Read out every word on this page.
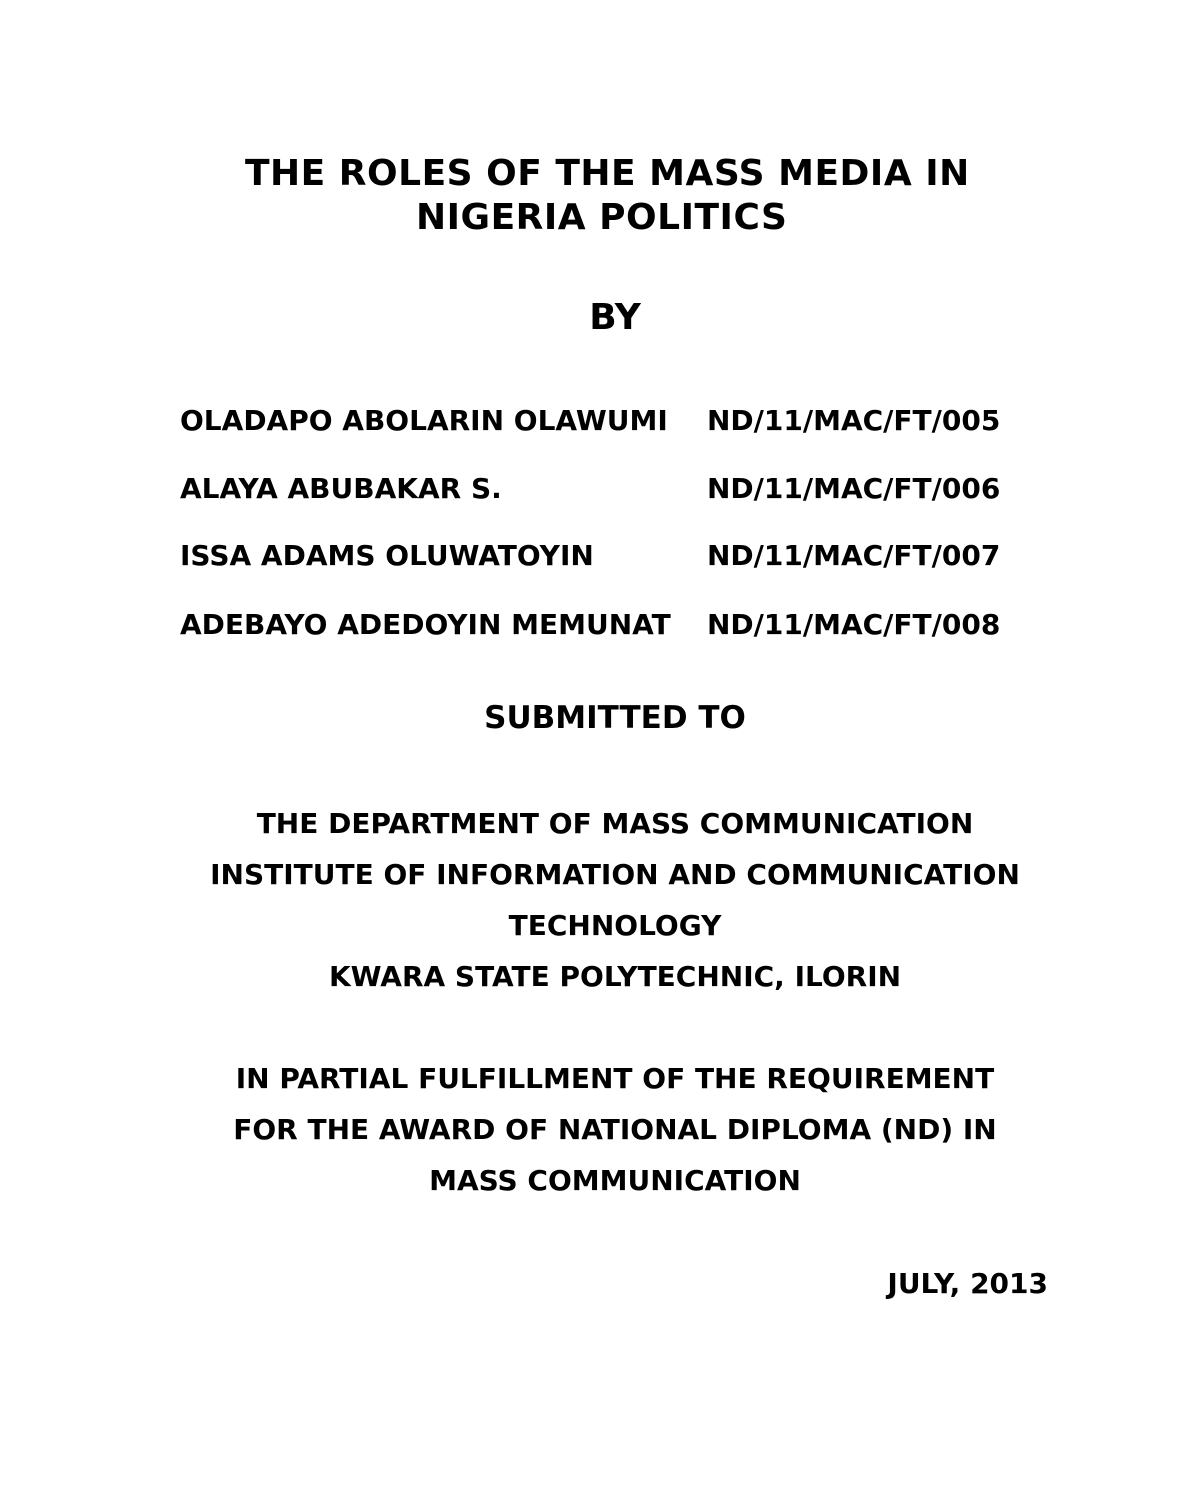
THE ROLES OF THE MASS MEDIA IN
NIGERIA POLITICS
BY
OLADAPO ABOLARIN OLAWUMI ND/11/MAC/FT/005
ALAYA ABUBAKAR S.	ND/11/MAC/FT/006
ISSA ADAMS OLUWATOYIN	ND/11/MAC/FT/007
ADEBAYO ADEDOYIN MEMUNAT ND/11/MAC/FT/008
SUBMITTED TO
THE DEPARTMENT OF MASS COMMUNICATION
INSTITUTE OF INFORMATION AND COMMUNICATION
TECHNOLOGY
KWARA STATE POLYTECHNIC, ILORIN
IN PARTIAL FULFILLMENT OF THE REQUIREMENT
FOR THE AWARD OF NATIONAL DIPLOMA (ND) IN
MASS COMMUNICATION
JULY, 2013
